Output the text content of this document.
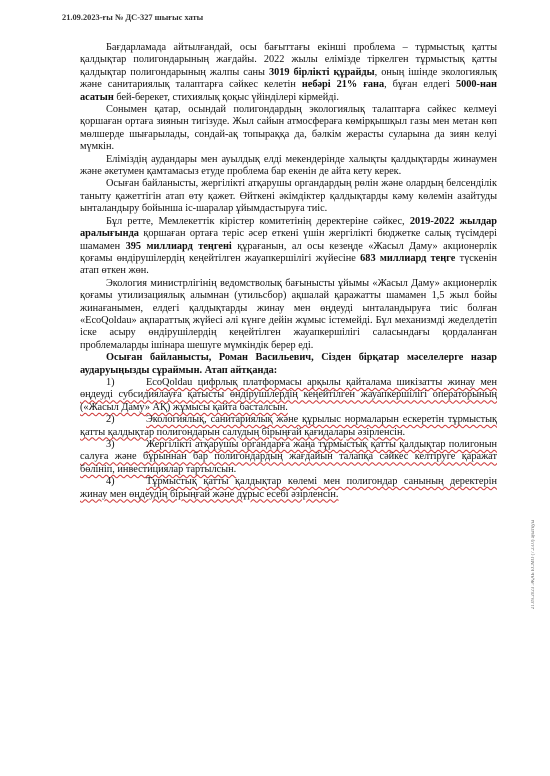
21.09.2023-ғы № ДС-327 шығыс хаты

Бағдарламада айтылғандай, осы бағыттағы екінші проблема – тұрмыстық қатты қалдықтар полигондарының жағдайы. 2022 жылы елімізде тіркелген тұрмыстық қатты қалдықтар полигондарының жалпы саны 3019 бірлікті құрайды, оның ішінде экологиялық және санитариялық талаптарға сәйкес келетін небәрі 21% ғана, бұған елдегі 5000-нан асатын бей-берекет, стихиялық қоқыс үйінділері кірмейді.

Сонымен қатар, осындай полигондардың экологиялық талаптарға сәйкес келмеуі қоршаған ортаға зиянын тигізуде. Жыл сайын атмосфераға көмірқышқыл газы мен метан көп мөлшерде шығарылады, сондай-ақ топыраққа да, бәлкім жерасты суларына да зиян келуі мүмкін.

Еліміздің аудандары мен ауылдық елді мекендерінде халықты қалдықтарды жинаумен және әкетумен қамтамасыз етуде проблема бар екенін де айта кету керек.

Осыған байланысты, жергілікті атқарушы органдардың рөлін және олардың белсенділік таныту қажеттігін атап өту қажет. Өйткені әкімдіктер қалдықтарды кәму көлемін азайтуды ынталандыру бойынша іс-шаралар ұйымдастыруға тиіс.

Бұл ретте, Мемлекеттік кірістер комитетінің деректеріне сәйкес, 2019-2022 жылдар аралығында қоршаған ортаға теріс әсер еткені үшін жергілікті бюджетке салық түсімдері шамамен 395 миллиард теңгені құрағанын, ал осы кезеңде «Жасыл Даму» акционерлік қоғамы өндірушілердің кеңейтілген жауапкершілігі жүйесіне 683 миллиард теңге түскенін атап өткен жөн.

Экология министрлігінің ведомстволық бағынысты ұйымы «Жасыл Даму» акционерлік қоғамы утилизациялық алымнан (утильсбор) ақшалай қаражатты шамамен 1,5 жыл бойы жинағанымен, елдегі қалдықтарды жинау мен өңдеуді ынталандыруға тиіс болған «EcoQoldau» ақпараттық жүйесі әлі күнге дейін жұмыс істемейді. Бұл механизмді жеделдетіп іске асыру өндірушілердің кеңейтілген жауапкершілігі саласындағы қордаланған проблемаларды ішінара шешуге мүмкіндік берер еді.

Осыған байланысты, Роман Васильевич, Сізден бірқатар мәселелерге назар аударуыңызды сұраймын. Атап айтқанда:

1)	EcoQoldau цифрлық платформасы арқылы қайталама шикізатты жинау мен өңдеуді субсидиялауға қатысты өндірушілердің кеңейтілген жауапкершілігі операторының («Жасыл Даму» АҚ) жұмысы қайта басталсын.

2)	Экологиялық, санитариялық және құрылыс нормаларын ескеретін тұрмыстық қатты қалдықтар полигондарын салудың бірыңғай қағидалары әзірленсін.

3)	Жергілікті атқарушы органдарға жаңа тұрмыстық қатты қалдықтар полигонын салуға және бұрыннан бар полигондардың жағдайын талапқа сәйкес келтіруге қаражат бөлініп, инвестициялар тартылсын.

4)	Тұрмыстық қатты қалдықтар көлемі мен полигондар санының деректерін жинау мен өңдеудің бірыңғай және дұрыс есебі әзірленсін.

21.09.2023 ЭҚАБ ЕСМО (7.23.0) ауытқуы
